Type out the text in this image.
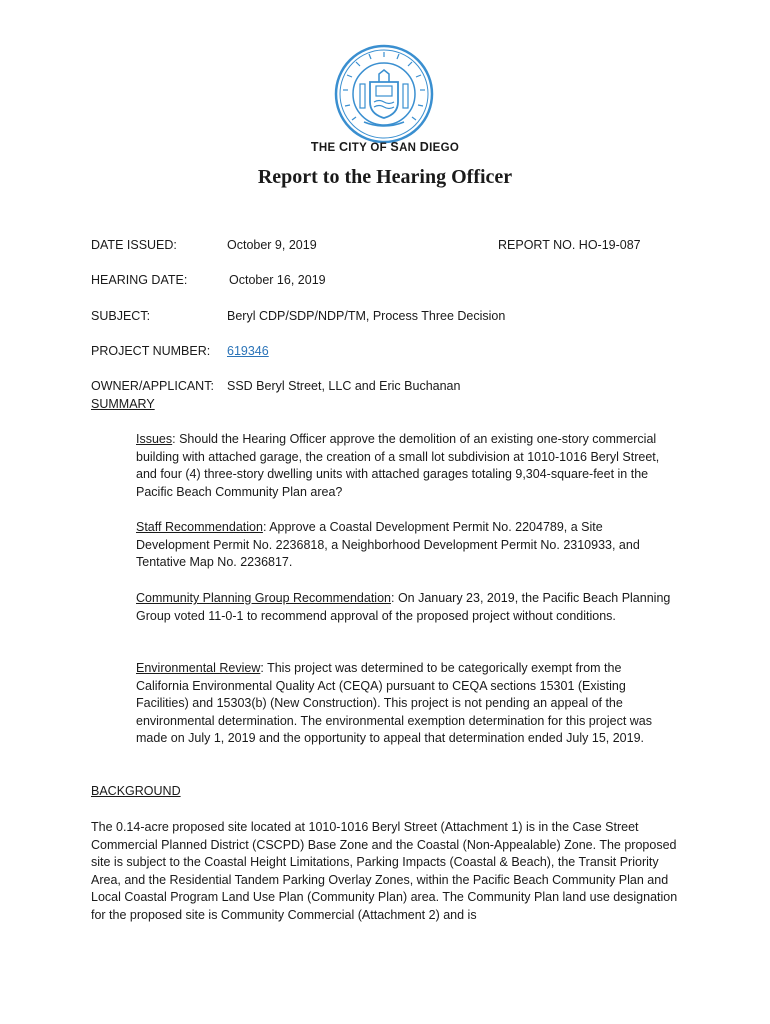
THE CITY OF SAN DIEGO
Report to the Hearing Officer
DATE ISSUED:	October 9, 2019	REPORT NO. HO-19-087
HEARING DATE:	October 16, 2019
SUBJECT:	Beryl CDP/SDP/NDP/TM, Process Three Decision
PROJECT NUMBER: 619346
OWNER/APPLICANT: SSD Beryl Street, LLC and Eric Buchanan
SUMMARY

Issues: Should the Hearing Officer approve the demolition of an existing one-story commercial building with attached garage, the creation of a small lot subdivision at 1010-1016 Beryl Street, and four (4) three-story dwelling units with attached garages totaling 9,304-square-feet in the Pacific Beach Community Plan area?

Staff Recommendation: Approve a Coastal Development Permit No. 2204789, a Site Development Permit No. 2236818, a Neighborhood Development Permit No. 2310933, and Tentative Map No. 2236817.

Community Planning Group Recommendation: On January 23, 2019, the Pacific Beach Planning Group voted 11-0-1 to recommend approval of the proposed project without conditions.

Environmental Review: This project was determined to be categorically exempt from the California Environmental Quality Act (CEQA) pursuant to CEQA sections 15301 (Existing Facilities) and 15303(b) (New Construction). This project is not pending an appeal of the environmental determination. The environmental exemption determination for this project was made on July 1, 2019 and the opportunity to appeal that determination ended July 15, 2019.

BACKGROUND

The 0.14-acre proposed site located at 1010-1016 Beryl Street (Attachment 1) is in the Case Street Commercial Planned District (CSCPD) Base Zone and the Coastal (Non-Appealable) Zone. The proposed site is subject to the Coastal Height Limitations, Parking Impacts (Coastal & Beach), the Transit Priority Area, and the Residential Tandem Parking Overlay Zones, within the Pacific Beach Community Plan and Local Coastal Program Land Use Plan (Community Plan) area. The Community Plan land use designation for the proposed site is Community Commercial (Attachment 2) and is
